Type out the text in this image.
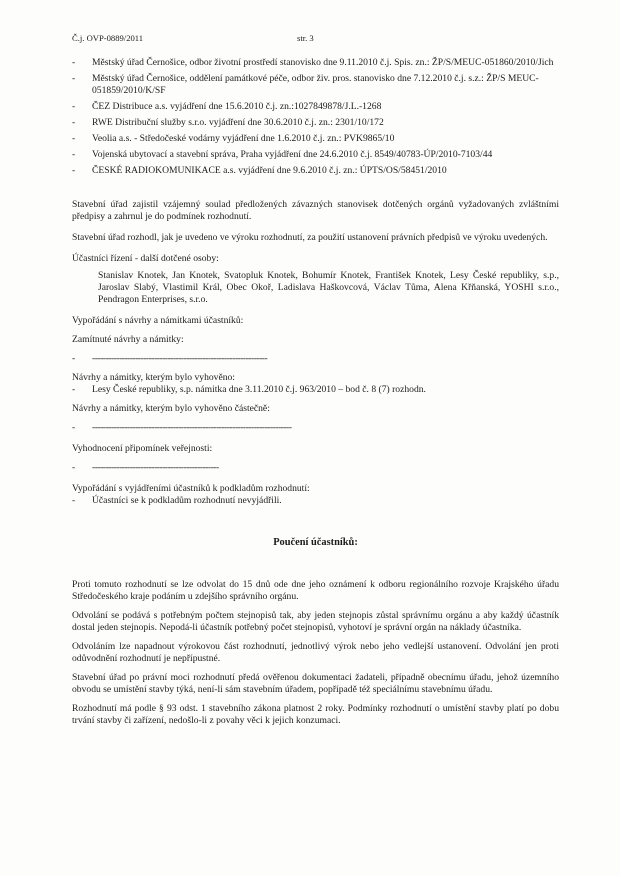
Č.j. OVP-0889/2011	str. 3
- Městský úřad Černošice, odbor životní prostředí stanovisko dne 9.11.2010 č.j. Spis. zn.: ŽP/S/MEUC-051860/2010/Jich
- Městský úřad Černošice, oddělení památkové péče, odbor živ. pros. stanovisko dne 7.12.2010 č.j. s.z.: ŽP/S MEUC-051859/2010/K/SF
- ČEZ Distribuce a.s. vyjádření dne 15.6.2010 č.j. zn.:1027849878/J.L.-1268
- RWE Distribuční služby s.r.o. vyjádření dne 30.6.2010 č.j. zn.: 2301/10/172
- Veolia a.s. - Středočeské vodárny vyjádření dne 1.6.2010 č.j. zn.: PVK9865/10
- Vojenská ubytovací a stavební správa, Praha vyjádření dne 24.6.2010 č.j. 8549/40783-ÚP/2010-7103/44
- ČESKÉ RADIOKOMUNIKACE a.s. vyjádření dne 9.6.2010 č.j. zn.: ÚPTS/OS/58451/2010

Stavební úřad zajistil vzájemný soulad předložených závazných stanovisek dotčených orgánů vyžadovaných zvláštními předpisy a zahrnul je do podmínek rozhodnutí.

Stavební úřad rozhodl, jak je uvedeno ve výroku rozhodnutí, za použití ustanovení právních předpisů ve výroku uvedených.

Účastníci řízení - další dotčené osoby:

Stanislav Knotek, Jan Knotek, Svatopluk Knotek, Bohumír Knotek, František Knotek, Lesy České republiky, s.p., Jaroslav Slabý, Vlastimil Král, Obec Okoř, Ladislava Haškovcová, Václav Tůma, Alena Křňanská, YOSHI s.r.o., Pendragon Enterprises, s.r.o.

Vypořádání s návrhy a námitkami účastníků:

Zamítnuté návrhy a námitky:

- -----------------------------------------------------------------

Návrhy a námitky, kterým bylo vyhověno:

- Lesy České republiky, s.p. námitka dne 3.11.2010 č.j. 963/2010 – bod č. 8 (7) rozhodn.

Návrhy a námitky, kterým bylo vyhověno částečně:

- --------------------------------------------------------------------------

Vyhodnocení připomínek veřejnosti:

- -----------------------------------------------

Vypořádání s vyjádřeními účastníků k podkladům rozhodnutí:

- Účastníci se k podkladům rozhodnutí nevyjádřili.

Poučení účastníků:

Proti tomuto rozhodnutí se lze odvolat do 15 dnů ode dne jeho oznámení k odboru regionálního rozvoje Krajského úřadu Středočeského kraje podáním u zdejšího správního orgánu.

Odvolání se podává s potřebným počtem stejnopisů tak, aby jeden stejnopis zůstal správnímu orgánu a aby každý účastník dostal jeden stejnopis. Nepodá-li účastník potřebný počet stejnopisů, vyhotoví je správní orgán na náklady účastníka.

Odvoláním lze napadnout výrokovou část rozhodnutí, jednotlivý výrok nebo jeho vedlejší ustanovení. Odvolání jen proti odůvodnění rozhodnutí je nepřípustné.

Stavební úřad po právní moci rozhodnutí předá ověřenou dokumentaci žadateli, případně obecnímu úřadu, jehož územního obvodu se umístění stavby týká, není-li sám stavebním úřadem, popřípadě též speciálnímu stavebnímu úřadu.

Rozhodnutí má podle § 93 odst. 1 stavebního zákona platnost 2 roky. Podmínky rozhodnutí o umístění stavby platí po dobu trvání stavby či zařízení, nedošlo-li z povahy věci k jejich konzumaci.
